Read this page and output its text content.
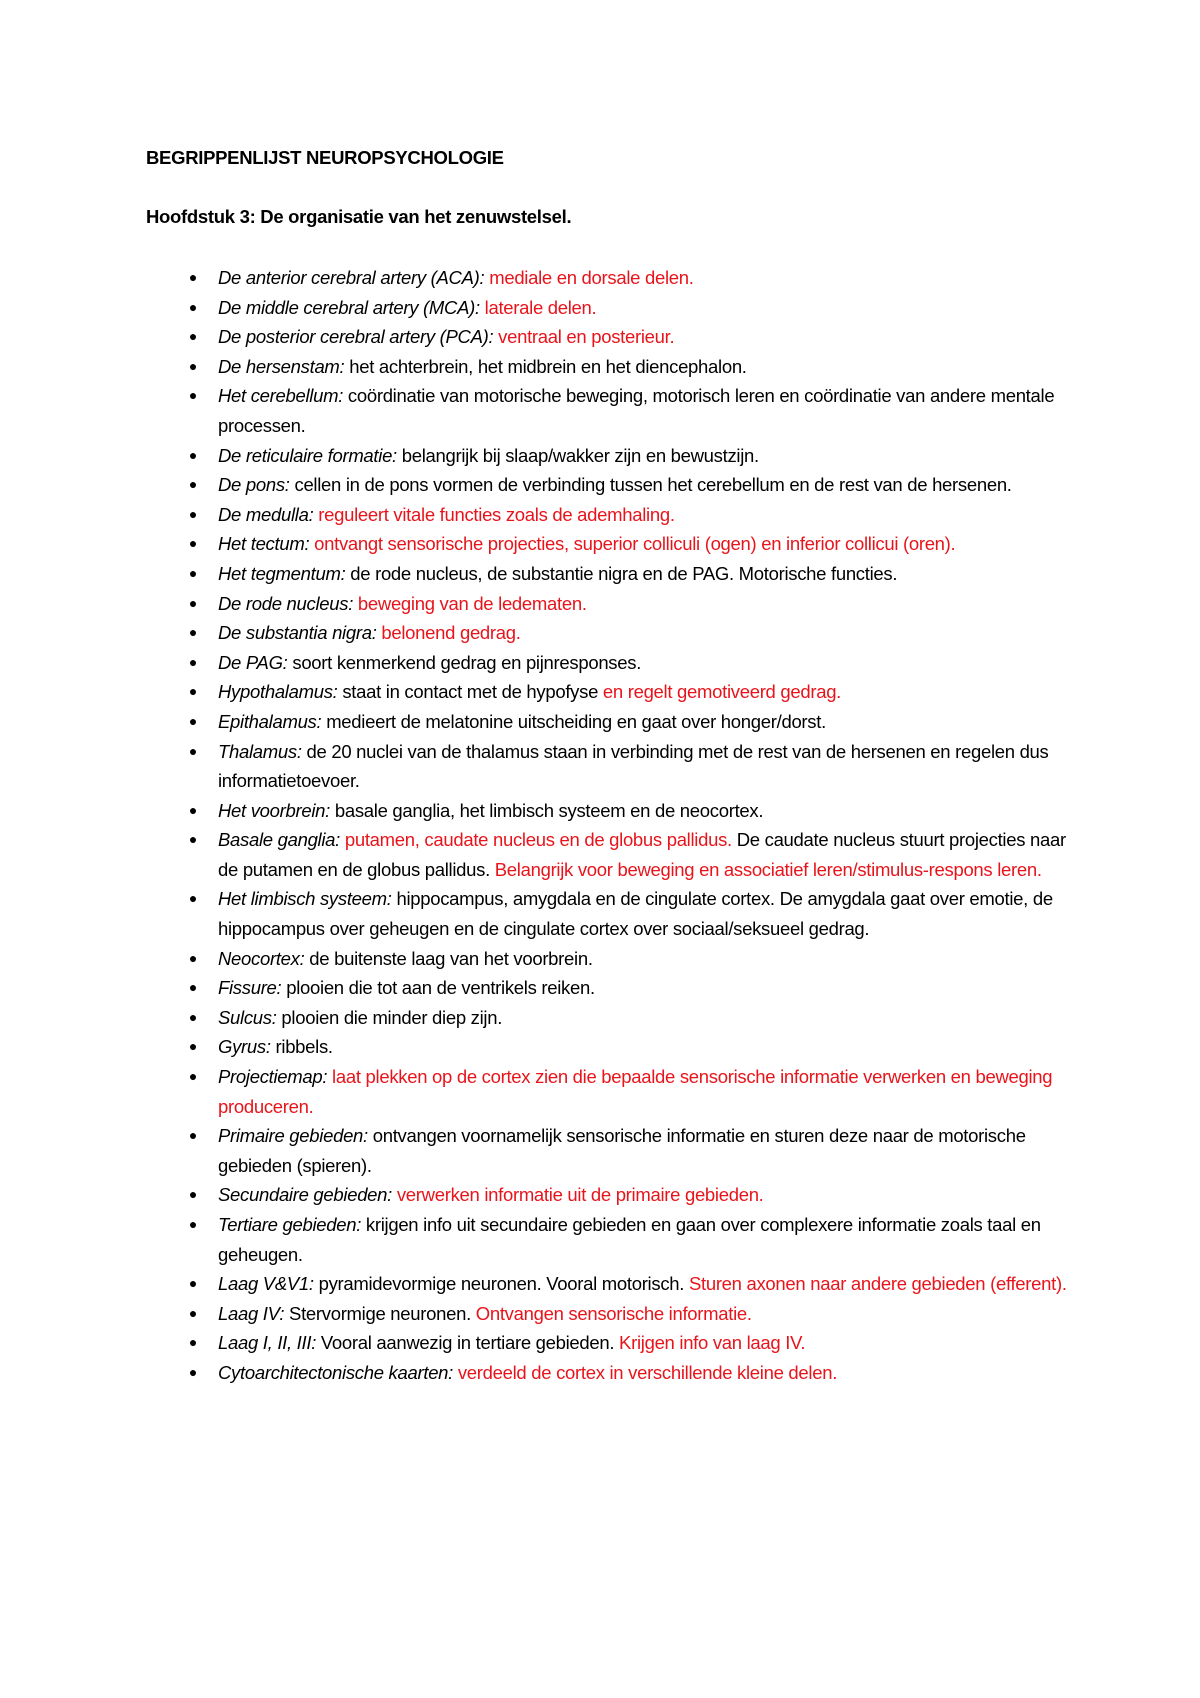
BEGRIPPENLIJST NEUROPSYCHOLOGIE

Hoofdstuk 3: De organisatie van het zenuwstelsel.

●	De anterior cerebral artery (ACA): mediale en dorsale delen.
●	De middle cerebral artery (MCA): laterale delen.
●	De posterior cerebral artery (PCA): ventraal en posterieur.
●	De hersenstam: het achterbrein, het midbrein en het diencephalon.
●	Het cerebellum: coördinatie van motorische beweging, motorisch leren en coördinatie van andere mentale processen.
●	De reticulaire formatie: belangrijk bij slaap/wakker zijn en bewustzijn.
●	De pons: cellen in de pons vormen de verbinding tussen het cerebellum en de rest van de hersenen.
●	De medulla: reguleert vitale functies zoals de ademhaling.
●	Het tectum: ontvangt sensorische projecties, superior colliculi (ogen) en inferior collicui (oren).
●	Het tegmentum: de rode nucleus, de substantie nigra en de PAG. Motorische functies.
●	De rode nucleus: beweging van de ledematen.
●	De substantia nigra: belonend gedrag.
●	De PAG: soort kenmerkend gedrag en pijnresponses.
●	Hypothalamus: staat in contact met de hypofyse en regelt gemotiveerd gedrag.
●	Epithalamus: medieert de melatonine uitscheiding en gaat over honger/dorst.
●	Thalamus: de 20 nuclei van de thalamus staan in verbinding met de rest van de hersenen en regelen dus informatietoevoer.
●	Het voorbrein: basale ganglia, het limbisch systeem en de neocortex.
●	Basale ganglia: putamen, caudate nucleus en de globus pallidus. De caudate nucleus stuurt projecties naar de putamen en de globus pallidus. Belangrijk voor beweging en associatief leren/stimulus-respons leren.
●	Het limbisch systeem: hippocampus, amygdala en de cingulate cortex. De amygdala gaat over emotie, de hippocampus over geheugen en de cingulate cortex over sociaal/seksueel gedrag.
●	Neocortex: de buitenste laag van het voorbrein.
●	Fissure: plooien die tot aan de ventrikels reiken.
●	Sulcus: plooien die minder diep zijn.
●	Gyrus: ribbels.
●	Projectiemap: laat plekken op de cortex zien die bepaalde sensorische informatie verwerken en beweging produceren.
●	Primaire gebieden: ontvangen voornamelijk sensorische informatie en sturen deze naar de motorische gebieden (spieren).
●	Secundaire gebieden: verwerken informatie uit de primaire gebieden.
●	Tertiare gebieden: krijgen info uit secundaire gebieden en gaan over complexere informatie zoals taal en geheugen.
●	Laag V&V1: pyramidevormige neuronen. Vooral motorisch. Sturen axonen naar andere gebieden (efferent).
●	Laag IV: Stervormige neuronen. Ontvangen sensorische informatie.
●	Laag I, II, III: Vooral aanwezig in tertiare gebieden. Krijgen info van laag IV.
●	Cytoarchitectonische kaarten: verdeeld de cortex in verschillende kleine delen.
